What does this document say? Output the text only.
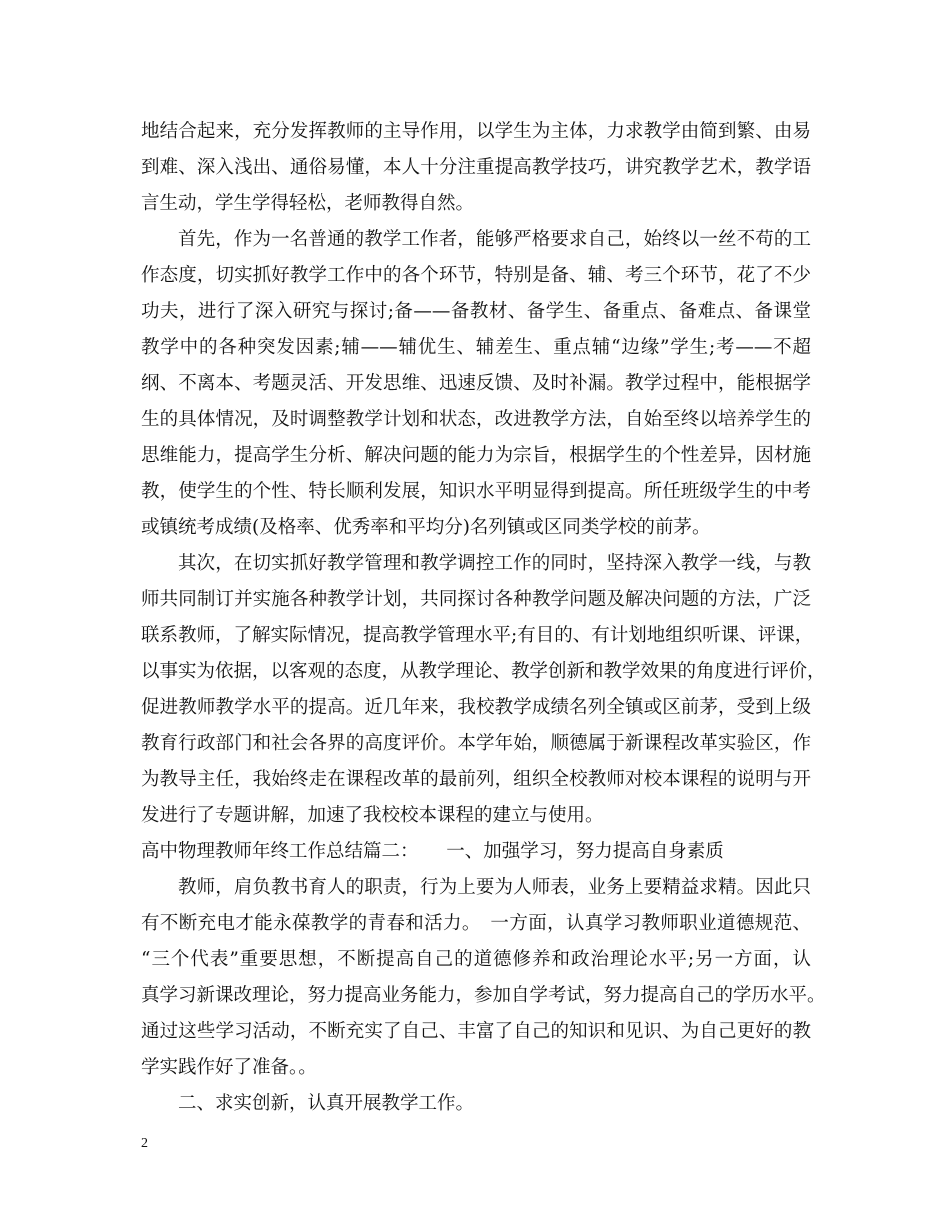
地结合起来，充分发挥教师的主导作用，以学生为主体，力求教学由简到繁、由易
到难、深入浅出、通俗易懂，本人十分注重提高教学技巧，讲究教学艺术，教学语
言生动，学生学得轻松，老师教得自然。
首先，作为一名普通的教学工作者，能够严格要求自己，始终以一丝不苟的工
作态度，切实抓好教学工作中的各个环节，特别是备、辅、考三个环节，花了不少
功夫，进行了深入研究与探讨;备——备教材、备学生、备重点、备难点、备课堂
教学中的各种突发因素;辅——辅优生、辅差生、重点辅“边缘”学生;考——不超
纲、不离本、考题灵活、开发思维、迅速反馈、及时补漏。教学过程中，能根据学
生的具体情况，及时调整教学计划和状态，改进教学方法，自始至终以培养学生的
思维能力，提高学生分析、解决问题的能力为宗旨，根据学生的个性差异，因材施
教，使学生的个性、特长顺利发展，知识水平明显得到提高。所任班级学生的中考
或镇统考成绩(及格率、优秀率和平均分)名列镇或区同类学校的前茅。
其次，在切实抓好教学管理和教学调控工作的同时，坚持深入教学一线，与教
师共同制订并实施各种教学计划，共同探讨各种教学问题及解决问题的方法，广泛
联系教师，了解实际情况，提高教学管理水平;有目的、有计划地组织听课、评课，
以事实为依据，以客观的态度，从教学理论、教学创新和教学效果的角度进行评价，
促进教师教学水平的提高。近几年来，我校教学成绩名列全镇或区前茅，受到上级
教育行政部门和社会各界的高度评价。本学年始，顺德属于新课程改革实验区，作
为教导主任，我始终走在课程改革的最前列，组织全校教师对校本课程的说明与开
发进行了专题讲解，加速了我校校本课程的建立与使用。
高中物理教师年终工作总结篇二：　　一、加强学习，努力提高自身素质
教师，肩负教书育人的职责，行为上要为人师表，业务上要精益求精。因此只
有不断充电才能永葆教学的青春和活力。　一方面，认真学习教师职业道德规范、
“三个代表”重要思想，不断提高自己的道德修养和政治理论水平;另一方面，认
真学习新课改理论，努力提高业务能力，参加自学考试，努力提高自己的学历水平。
通过这些学习活动，不断充实了自己、丰富了自己的知识和见识、为自己更好的教
学实践作好了准备。。
二、求实创新，认真开展教学工作。
2
